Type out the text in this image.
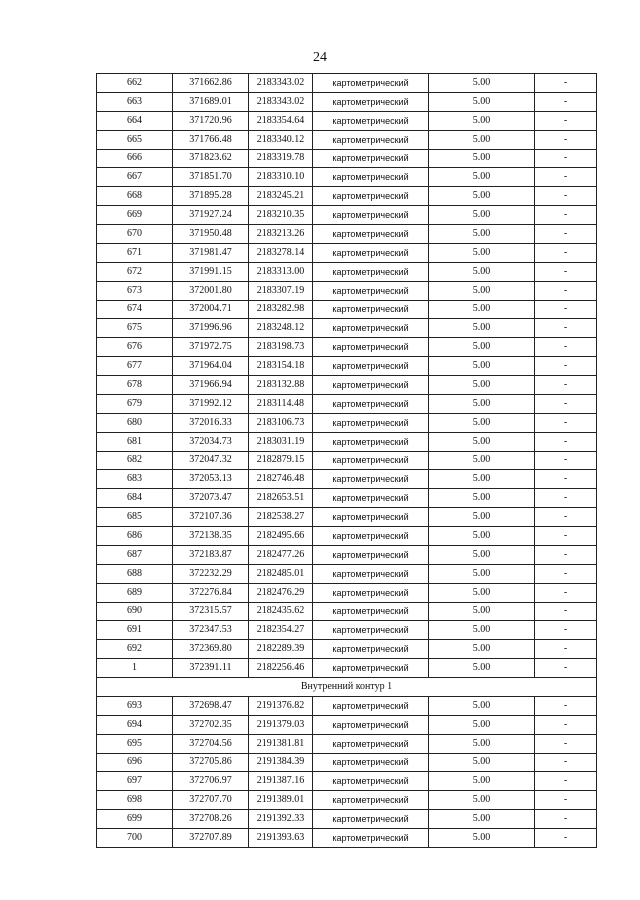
24
662	371662.86	2183343.02	картометрический	5.00	-
663	371689.01	2183343.02	картометрический	5.00	-
664	371720.96	2183354.64	картометрический	5.00	-
665	371766.48	2183340.12	картометрический	5.00	-
666	371823.62	2183319.78	картометрический	5.00	-
667	371851.70	2183310.10	картометрический	5.00	-
668	371895.28	2183245.21	картометрический	5.00	-
669	371927.24	2183210.35	картометрический	5.00	-
670	371950.48	2183213.26	картометрический	5.00	-
671	371981.47	2183278.14	картометрический	5.00	-
672	371991.15	2183313.00	картометрический	5.00	-
673	372001.80	2183307.19	картометрический	5.00	-
674	372004.71	2183282.98	картометрический	5.00	-
675	371996.96	2183248.12	картометрический	5.00	-
676	371972.75	2183198.73	картометрический	5.00	-
677	371964.04	2183154.18	картометрический	5.00	-
678	371966.94	2183132.88	картометрический	5.00	-
679	371992.12	2183114.48	картометрический	5.00	-
680	372016.33	2183106.73	картометрический	5.00	-
681	372034.73	2183031.19	картометрический	5.00	-
682	372047.32	2182879.15	картометрический	5.00	-
683	372053.13	2182746.48	картометрический	5.00	-
684	372073.47	2182653.51	картометрический	5.00	-
685	372107.36	2182538.27	картометрический	5.00	-
686	372138.35	2182495.66	картометрический	5.00	-
687	372183.87	2182477.26	картометрический	5.00	-
688	372232.29	2182485.01	картометрический	5.00	-
689	372276.84	2182476.29	картометрический	5.00	-
690	372315.57	2182435.62	картометрический	5.00	-
691	372347.53	2182354.27	картометрический	5.00	-
692	372369.80	2182289.39	картометрический	5.00	-
1	372391.11	2182256.46	картометрический	5.00	-
Внутренний контур 1					
693	372698.47	2191376.82	картометрический	5.00	-
694	372702.35	2191379.03	картометрический	5.00	-
695	372704.56	2191381.81	картометрический	5.00	-
696	372705.86	2191384.39	картометрический	5.00	-
697	372706.97	2191387.16	картометрический	5.00	-
698	372707.70	2191389.01	картометрический	5.00	-
699	372708.26	2191392.33	картометрический	5.00	-
700	372707.89	2191393.63	картометрический	5.00	-
